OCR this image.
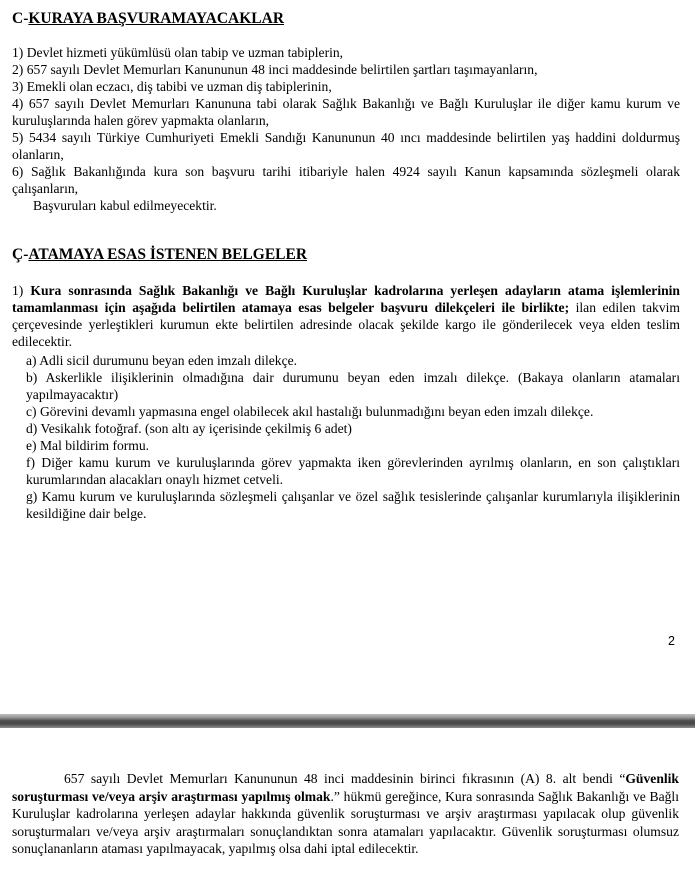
C-KURAYA BAŞVURAMAYACAKLAR

1) Devlet hizmeti yükümlüsü olan tabip ve uzman tabiplerin,

2) 657 sayılı Devlet Memurları Kanununun 48 inci maddesinde belirtilen şartları taşımayanların,

3) Emekli olan eczacı, diş tabibi ve uzman diş tabiplerinin,

4) 657 sayılı Devlet Memurları Kanununa tabi olarak Sağlık Bakanlığı ve Bağlı Kuruluşlar ile diğer kamu kurum ve kuruluşlarında halen görev yapmakta olanların,

5) 5434 sayılı Türkiye Cumhuriyeti Emekli Sandığı Kanununun 40 ıncı maddesinde belirtilen yaş haddini doldurmuş olanların,

6) Sağlık Bakanlığında kura son başvuru tarihi itibariyle halen 4924 sayılı Kanun kapsamında sözleşmeli olarak çalışanların,

Başvuruları kabul edilmeyecektir.

Ç-ATAMAYA ESAS İSTENEN BELGELER

1) Kura sonrasında Sağlık Bakanlığı ve Bağlı Kuruluşlar kadrolarına yerleşen adayların atama işlemlerinin tamamlanması için aşağıda belirtilen atamaya esas belgeler başvuru dilekçeleri ile birlikte; ilan edilen takvim çerçevesinde yerleştikleri kurumun ekte belirtilen adresinde olacak şekilde kargo ile gönderilecek veya elden teslim edilecektir.

a) Adli sicil durumunu beyan eden imzalı dilekçe.

b) Askerlikle ilişiklerinin olmadığına dair durumunu beyan eden imzalı dilekçe. (Bakaya olanların atamaları yapılmayacaktır)

c) Görevini devamlı yapmasına engel olabilecek akıl hastalığı bulunmadığını beyan eden imzalı dilekçe.

d) Vesikalık fotoğraf. (son altı ay içerisinde çekilmiş 6 adet)

e) Mal bildirim formu.

f) Diğer kamu kurum ve kuruluşlarında görev yapmakta iken görevlerinden ayrılmış olanların, en son çalıştıkları kurumlarından alacakları onaylı hizmet cetveli.

g) Kamu kurum ve kuruluşlarında sözleşmeli çalışanlar ve özel sağlık tesislerinde çalışanlar kurumlarıyla ilişiklerinin kesildiğine dair belge.

2

657 sayılı Devlet Memurları Kanununun 48 inci maddesinin birinci fıkrasının (A) 8. alt bendi “Güvenlik soruşturması ve/veya arşiv araştırması yapılmış olmak.” hükmü gereğince, Kura sonrasında Sağlık Bakanlığı ve Bağlı Kuruluşlar kadrolarına yerleşen adaylar hakkında güvenlik soruşturması ve arşiv araştırması yapılacak olup güvenlik soruşturmaları ve/veya arşiv araştırmaları sonuçlandıktan sonra atamaları yapılacaktır. Güvenlik soruşturması olumsuz sonuçlananların ataması yapılmayacak, yapılmış olsa dahi iptal edilecektir.
